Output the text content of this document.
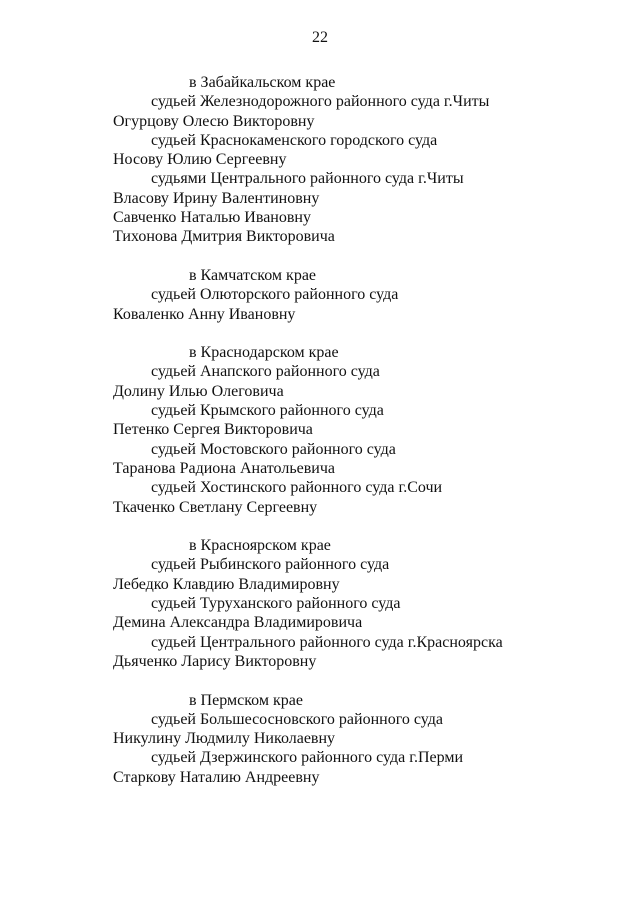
22
в Забайкальском крае
судьей Железнодорожного районного суда г.Читы
Огурцову Олесю Викторовну
судьей Краснокаменского городского суда
Носову Юлию Сергеевну
судьями Центрального районного суда г.Читы
Власову Ирину Валентиновну
Савченко Наталью Ивановну
Тихонова Дмитрия Викторовича
в Камчатском крае
судьей Олюторского районного суда
Коваленко Анну Ивановну
в Краснодарском крае
судьей Анапского районного суда
Долину Илью Олеговича
судьей Крымского районного суда
Петенко Сергея Викторовича
судьей Мостовского районного суда
Таранова Радиона Анатольевича
судьей Хостинского районного суда г.Сочи
Ткаченко Светлану Сергеевну
в Красноярском крае
судьей Рыбинского районного суда
Лебедко Клавдию Владимировну
судьей Туруханского районного суда
Демина Александра Владимировича
судьей Центрального районного суда г.Красноярска
Дьяченко Ларису Викторовну
в Пермском крае
судьей Большесосновского районного суда
Никулину Людмилу Николаевну
судьей Дзержинского районного суда г.Перми
Старкову Наталию Андреевну
